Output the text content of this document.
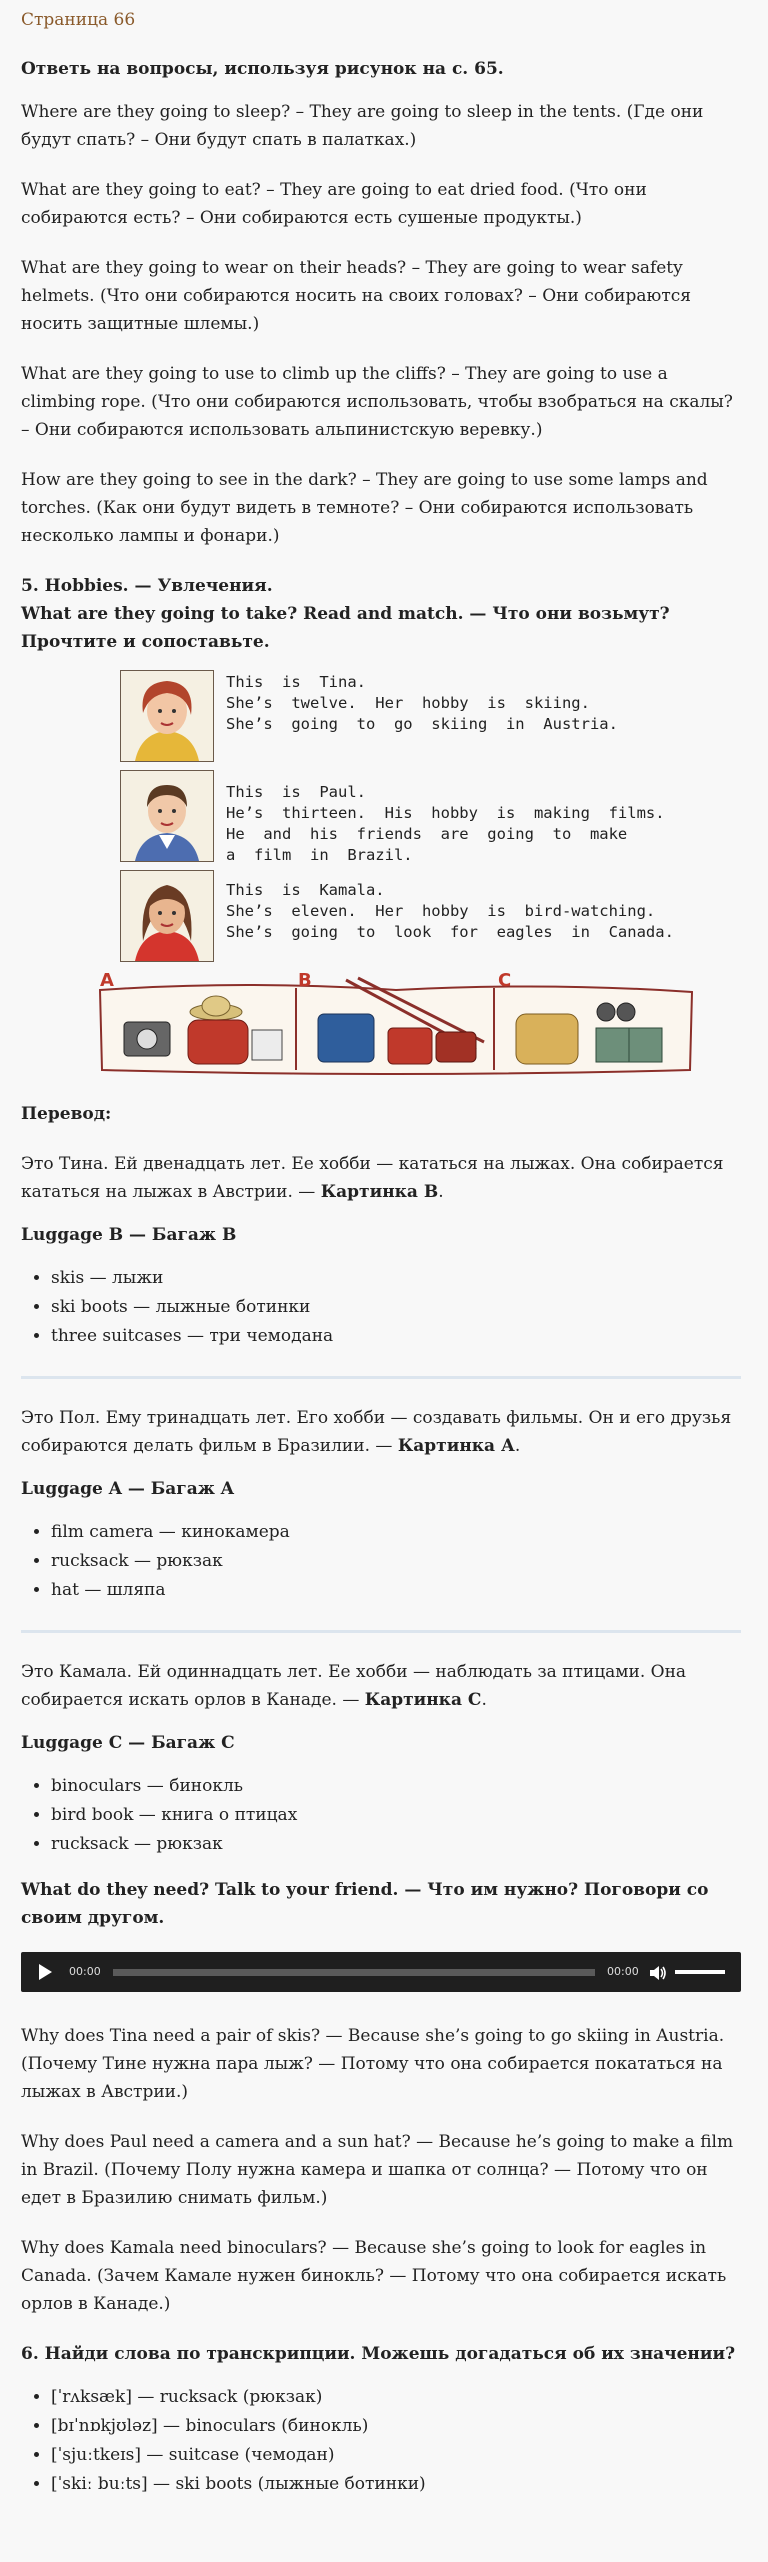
Страница 66

Ответь на вопросы, используя рисунок на с. 65.

Where are they going to sleep? – They are going to sleep in the tents. (Где они будут спать? – Они будут спать в палатках.)

What are they going to eat? – They are going to eat dried food. (Что они собираются есть? – Они собираются есть сушеные продукты.)

What are they going to wear on their heads? – They are going to wear safety helmets. (Что они собираются носить на своих головах? – Они собираются носить защитные шлемы.)

What are they going to use to climb up the cliffs? – They are going to use a climbing rope. (Что они собираются использовать, чтобы взобраться на скалы? – Они собираются использовать альпинистскую веревку.)

How are they going to see in the dark? – They are going to use some lamps and torches. (Как они будут видеть в темноте? – Они собираются использовать несколько лампы и фонари.)

5. Hobbies. — Увлечения.
What are they going to take? Read and match. — Что они возьмут? Прочтите и сопоставьте.

This  is  Tina.
She’s  twelve.  Her  hobby  is  skiing.
She’s  going  to  go  skiing  in  Austria.
This  is  Paul.
He’s  thirteen.  His  hobby  is  making  films.
He  and  his  friends  are  going  to  make
a  film  in  Brazil.
This  is  Kamala.
She’s  eleven.  Her  hobby  is  bird-watching.
She’s  going  to  look  for  eagles  in  Canada.
A	B	C

Перевод:

Это Тина. Ей двенадцать лет. Ее хобби — кататься на лыжах. Она собирается кататься на лыжах в Австрии. — Картинка B.

Luggage B — Багаж B

• skis — лыжи
• ski boots — лыжные ботинки
• three suitcases — три чемодана

Это Пол. Ему тринадцать лет. Его хобби — создавать фильмы. Он и его друзья собираются делать фильм в Бразилии. — Картинка А.

Luggage A — Багаж A

• film camera — кинокамера
• rucksack — рюкзак
• hat — шляпа

Это Камала. Ей одиннадцать лет. Ее хобби — наблюдать за птицами. Она собирается искать орлов в Канаде. — Картинка С.

Luggage C — Багаж C

• binoculars — бинокль
• bird book — книга о птицах
• rucksack — рюкзак

What do they need? Talk to your friend. — Что им нужно? Поговори со своим другом.

00:00	00:00

Why does Tina need a pair of skis? — Because she’s going to go skiing in Austria. (Почему Тине нужна пара лыж? — Потому что она собирается покататься на лыжах в Австрии.)

Why does Paul need a camera and a sun hat? — Because he’s going to make a film in Brazil. (Почему Полу нужна камера и шапка от солнца? — Потому что он едет в Бразилию снимать фильм.)

Why does Kamala need binoculars? — Because she’s going to look for eagles in Canada. (Зачем Камале нужен бинокль? — Потому что она собирается искать орлов в Канаде.)

6. Найди слова по транскрипции. Можешь догадаться об их значении?

• [ˈrʌksæk] — rucksack (рюкзак)
• [bɪˈnɒkjʊləz] — binoculars (бинокль)
• [ˈsjuːtkeɪs] — suitcase (чемодан)
• [ˈskiː buːts] — ski boots (лыжные ботинки)
